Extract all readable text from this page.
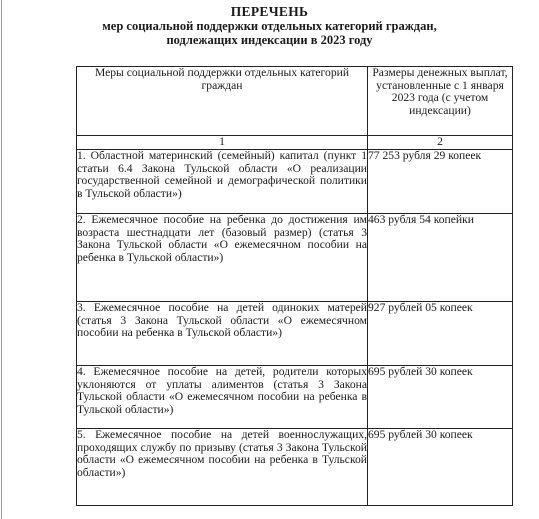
ПЕРЕЧЕНЬ
мер социальной поддержки отдельных категорий граждан,
подлежащих индексации в 2023 году
Меры социальной поддержки отдельных категорий граждан	Размеры денежных выплат, установленные с 1 января 2023 года (с учетом индексации)
1	2
1. Областной материнский (семейный) капитал (пункт 1 статьи 6.4 Закона Тульской области «О реализации государственной семейной и демографической политики в Тульской области»)	77 253 рубля 29 копеек
2. Ежемесячное пособие на ребенка до достижения им возраста шестнадцати лет (базовый размер) (статья 3 Закона Тульской области «О ежемесячном пособии на ребенка в Тульской области»)	463 рубля 54 копейки
3. Ежемесячное пособие на детей одиноких матерей (статья 3 Закона Тульской области «О ежемесячном пособии на ребенка в Тульской области»)	927 рублей 05 копеек
4. Ежемесячное пособие на детей, родители которых уклоняются от уплаты алиментов (статья 3 Закона Тульской области «О ежемесячном пособии на ребенка в Тульской области»)	695 рублей 30 копеек
5. Ежемесячное пособие на детей военнослужащих, проходящих службу по призыву (статья 3 Закона Тульской области «О ежемесячном пособии на ребенка в Тульской области»)	695 рублей 30 копеек
